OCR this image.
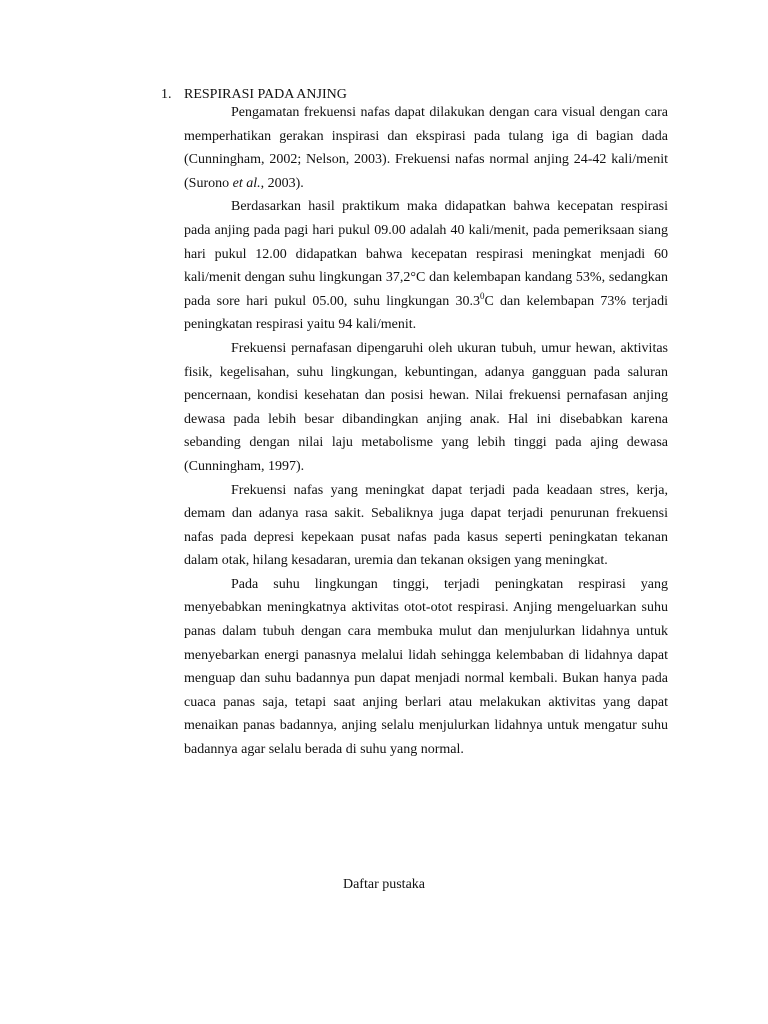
1. RESPIRASI PADA ANJING

Pengamatan frekuensi nafas dapat dilakukan dengan cara visual dengan cara memperhatikan gerakan inspirasi dan ekspirasi pada tulang iga di bagian dada (Cunningham, 2002; Nelson, 2003). Frekuensi nafas normal anjing 24-42 kali/menit (Surono et al., 2003).

Berdasarkan hasil praktikum maka didapatkan bahwa kecepatan respirasi pada anjing pada pagi hari pukul 09.00 adalah 40 kali/menit, pada pemeriksaan siang hari pukul 12.00 didapatkan bahwa kecepatan respirasi meningkat menjadi 60 kali/menit dengan suhu lingkungan 37,2°C dan kelembapan kandang 53%, sedangkan pada sore hari pukul 05.00, suhu lingkungan 30.3$^0$C dan kelembapan 73% terjadi peningkatan respirasi yaitu 94 kali/menit.

Frekuensi pernafasan dipengaruhi oleh ukuran tubuh, umur hewan, aktivitas fisik, kegelisahan, suhu lingkungan, kebuntingan, adanya gangguan pada saluran pencernaan, kondisi kesehatan dan posisi hewan. Nilai frekuensi pernafasan anjing dewasa pada lebih besar dibandingkan anjing anak. Hal ini disebabkan karena sebanding dengan nilai laju metabolisme yang lebih tinggi pada ajing dewasa (Cunningham, 1997).

Frekuensi nafas yang meningkat dapat terjadi pada keadaan stres, kerja, demam dan adanya rasa sakit. Sebaliknya juga dapat terjadi penurunan frekuensi nafas pada depresi kepekaan pusat nafas pada kasus seperti peningkatan tekanan dalam otak, hilang kesadaran, uremia dan tekanan oksigen yang meningkat.

Pada suhu lingkungan tinggi, terjadi peningkatan respirasi yang menyebabkan meningkatnya aktivitas otot-otot respirasi. Anjing mengeluarkan suhu panas dalam tubuh dengan cara membuka mulut dan menjulurkan lidahnya untuk menyebarkan energi panasnya melalui lidah sehingga kelembaban di lidahnya dapat menguap dan suhu badannya pun dapat menjadi normal kembali. Bukan hanya pada cuaca panas saja, tetapi saat anjing berlari atau melakukan aktivitas yang dapat menaikan panas badannya, anjing selalu menjulurkan lidahnya untuk mengatur suhu badannya agar selalu berada di suhu yang normal.

Daftar pustaka
